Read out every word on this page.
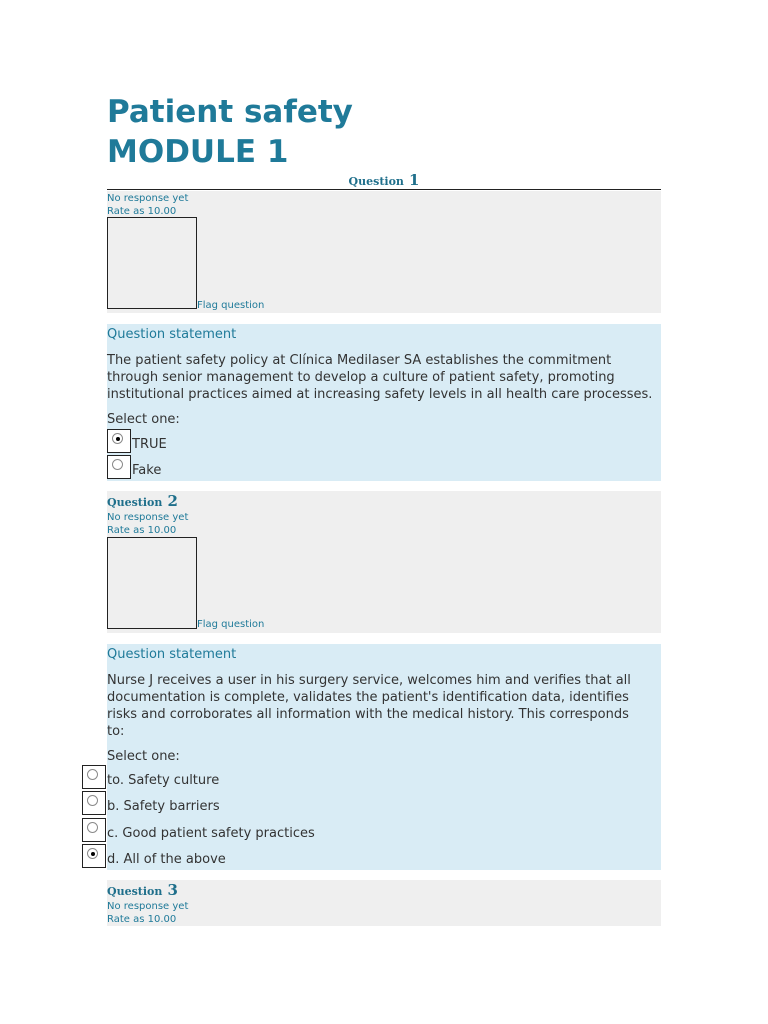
Patient safety
MODULE 1
Question 1

No response yet

Rate as 10.00

Flag question

Question statement

The patient safety policy at Clínica Medilaser SA establishes the commitment
through senior management to develop a culture of patient safety, promoting
institutional practices aimed at increasing safety levels in all health care processes.
Select one:
TRUE
Fake
Question 2

No response yet

Rate as 10.00

Flag question

Question statement

Nurse J receives a user in his surgery service, welcomes him and verifies that all
documentation is complete, validates the patient's identification data, identifies
risks and corroborates all information with the medical history. This corresponds
to:
Select one:
to. Safety culture
b. Safety barriers
c. Good patient safety practices
d. All of the above
Question 3

No response yet

Rate as 10.00
